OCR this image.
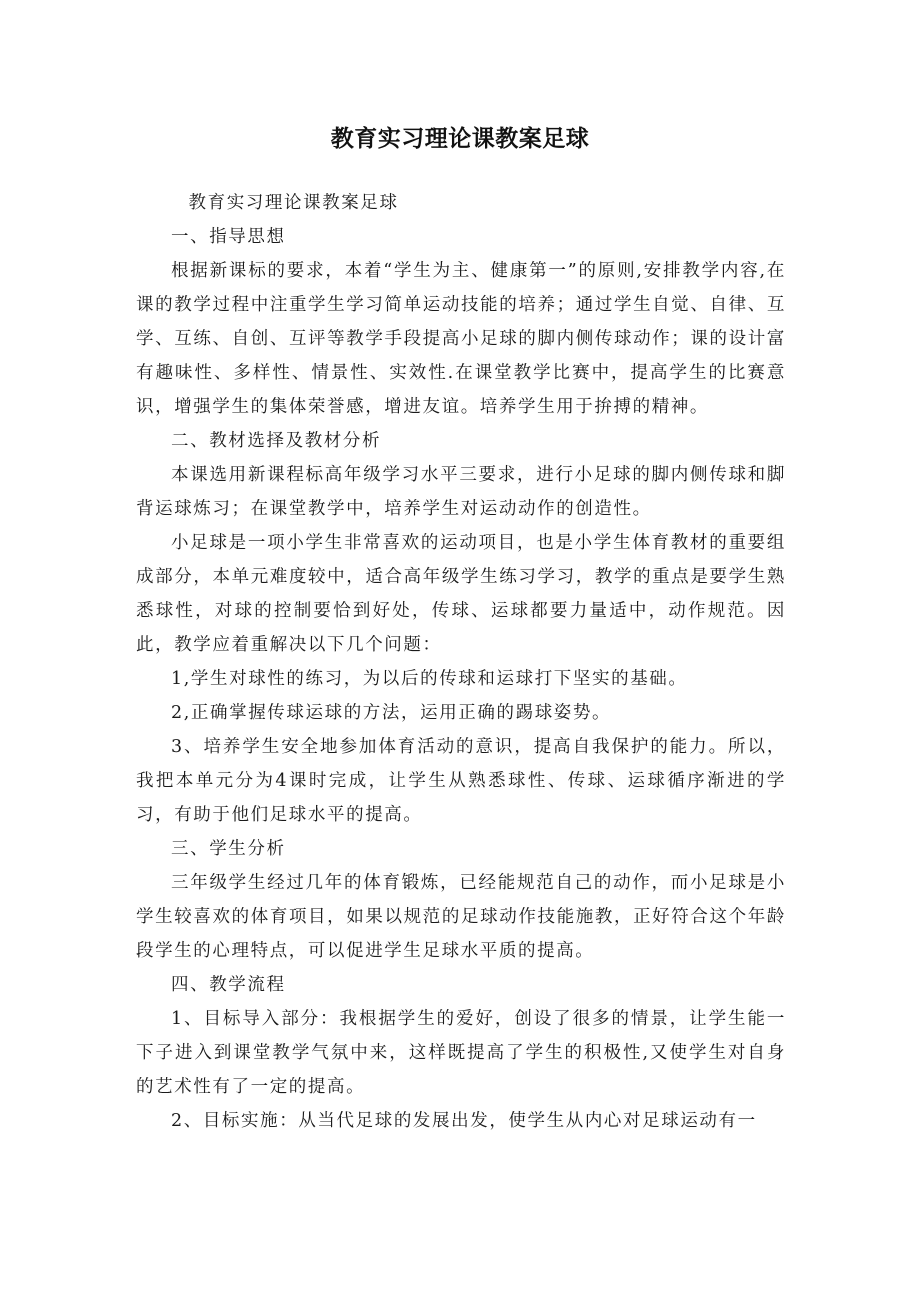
教育实习理论课教案足球

教育实习理论课教案足球

一、指导思想

根据新课标的要求，本着“学生为主、健康第一”的原则,安排教学内容,在课的教学过程中注重学生学习简单运动技能的培养；通过学生自觉、自律、互学、互练、自创、互评等教学手段提高小足球的脚内侧传球动作；课的设计富有趣味性、多样性、情景性、实效性.在课堂教学比赛中，提高学生的比赛意识，增强学生的集体荣誉感，增进友谊。培养学生用于拚搏的精神。

二、教材选择及教材分析

本课选用新课程标高年级学习水平三要求，进行小足球的脚内侧传球和脚背运球炼习；在课堂教学中，培养学生对运动动作的创造性。

小足球是一项小学生非常喜欢的运动项目，也是小学生体育教材的重要组成部分，本单元难度较中，适合高年级学生练习学习，教学的重点是要学生熟悉球性，对球的控制要恰到好处，传球、运球都要力量适中，动作规范。因此，教学应着重解决以下几个问题：

1,学生对球性的练习，为以后的传球和运球打下坚实的基础。

2,正确掌握传球运球的方法，运用正确的踢球姿势。

3、培养学生安全地参加体育活动的意识，提高自我保护的能力。所以，我把本单元分为4课时完成，让学生从熟悉球性、传球、运球循序渐进的学习，有助于他们足球水平的提高。

三、学生分析

三年级学生经过几年的体育锻炼，已经能规范自己的动作，而小足球是小学生较喜欢的体育项目，如果以规范的足球动作技能施教，正好符合这个年龄段学生的心理特点，可以促进学生足球水平质的提高。

四、教学流程

1、目标导入部分：我根据学生的爱好，创设了很多的情景，让学生能一下子进入到课堂教学气氛中来，这样既提高了学生的积极性,又使学生对自身的艺术性有了一定的提高。

2、目标实施：从当代足球的发展出发，使学生从内心对足球运动有一
